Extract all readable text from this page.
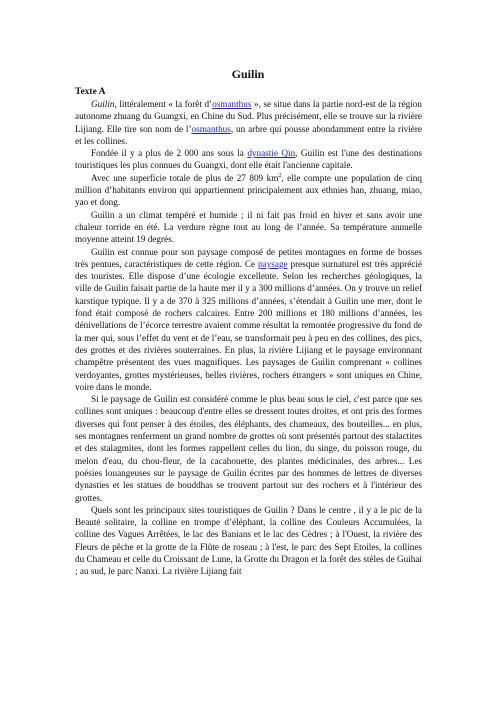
Guilin
Texte A

Guilin, littéralement « la forêt d’osmanthus », se situe dans la partie nord-est de la région autonome zhuang du Guangxi, en Chine du Sud. Plus précisément, elle se trouve sur la rivière Lijiang. Elle tire son nom de l’osmanthus, un arbre qui pousse abondamment entre la rivière et les collines.

Fondée il y a plus de 2 000 ans sous la dynastie Qin, Guilin est l'une des destinations touristiques les plus connues du Guangxi, dont elle était l'ancienne capitale.

Avec une superficie totale de plus de 27 809 $km^2$, elle compte une population de cinq million d’habitants environ qui appartiennent principalement aux ethnies han, zhuang, miao, yao et dong.

Guilin a un climat tempéré et humide ; il ni fait pas froid en hiver et sans avoir une chaleur torride en été. La verdure règne tout au long de l’année. Sa température annuelle moyenne atteint 19 degrés.

Guilin est connue pour son paysage composé de petites montagnes en forme de bosses très pentues, caractéristiques de cette région. Ce paysage presque surnaturel est très apprécié des touristes. Elle dispose d’une écologie excellente. Selon les recherches géologiques, la ville de Guilin faisait partie de la haute mer il y a 300 millions d’années. On y trouve un relief karstique typique. Il y a de 370 à 325 millions d’années, s’étendait à Guilin une mer, dont le fond était composé de rochers calcaires. Entre 200 millions et 180 millions d’années, les dénivellations de l’écorce terrestre avaient comme résultat la remontée progressive du fond de la mer qui, sous l’effet du vent et de l’eau, se transformait peu à peu en des collines, des pics, des grottes et des rivières souterraines. En plus, la rivière Lijiang et le paysage environnant champêtre présentent des vues magnifiques. Les paysages de Guilin comprenant « collines verdoyantes, grottes mystérieuses, belles rivières, rochers étrangers » sont uniques en Chine, voire dans le monde.

Si le paysage de Guilin est considéré comme le plus beau sous le ciel, c'est parce que ses collines sont uniques : beaucoup d'entre elles se dressent toutes droites, et ont pris des formes diverses qui font penser à des étoiles, des éléphants, des chameaux, des bouteilles... en plus, ses montagnes renferment un grand nombre de grottes où sont présentés partout des stalactites et des stalagmites, dont les formes rappellent celles du lion, du singe, du poisson rouge, du melon d'eau, du chou-fleur, de la cacahouette, des plantes médicinales, des arbres... Les poésies louangeuses sur le paysage de Guilin écrites par des hommes de lettres de diverses dynasties et les statues de bouddhas se trouvent partout sur des rochers et à l'intérieur des grottes.

Quels sont les principaux sites touristiques de Guilin ? Dans le centre , il y a le pic de la Beauté solitaire, la colline en trompe d’éléphant, la colline des Couleurs Accumulées, la colline des Vagues Arrêtées, le lac des Banians et le lac des Cèdres ; à l'Ouest, la rivière des Fleurs de pêche et la grotte de la Flûte de roseau ; à l'est, le parc des Sept Etoiles, la collines du Chameau et celle du Croissant de Lune, la Grotte du Dragon et la forêt des stèles de Guihai ; au sud, le parc Nanxi. La rivière Lijiang fait
